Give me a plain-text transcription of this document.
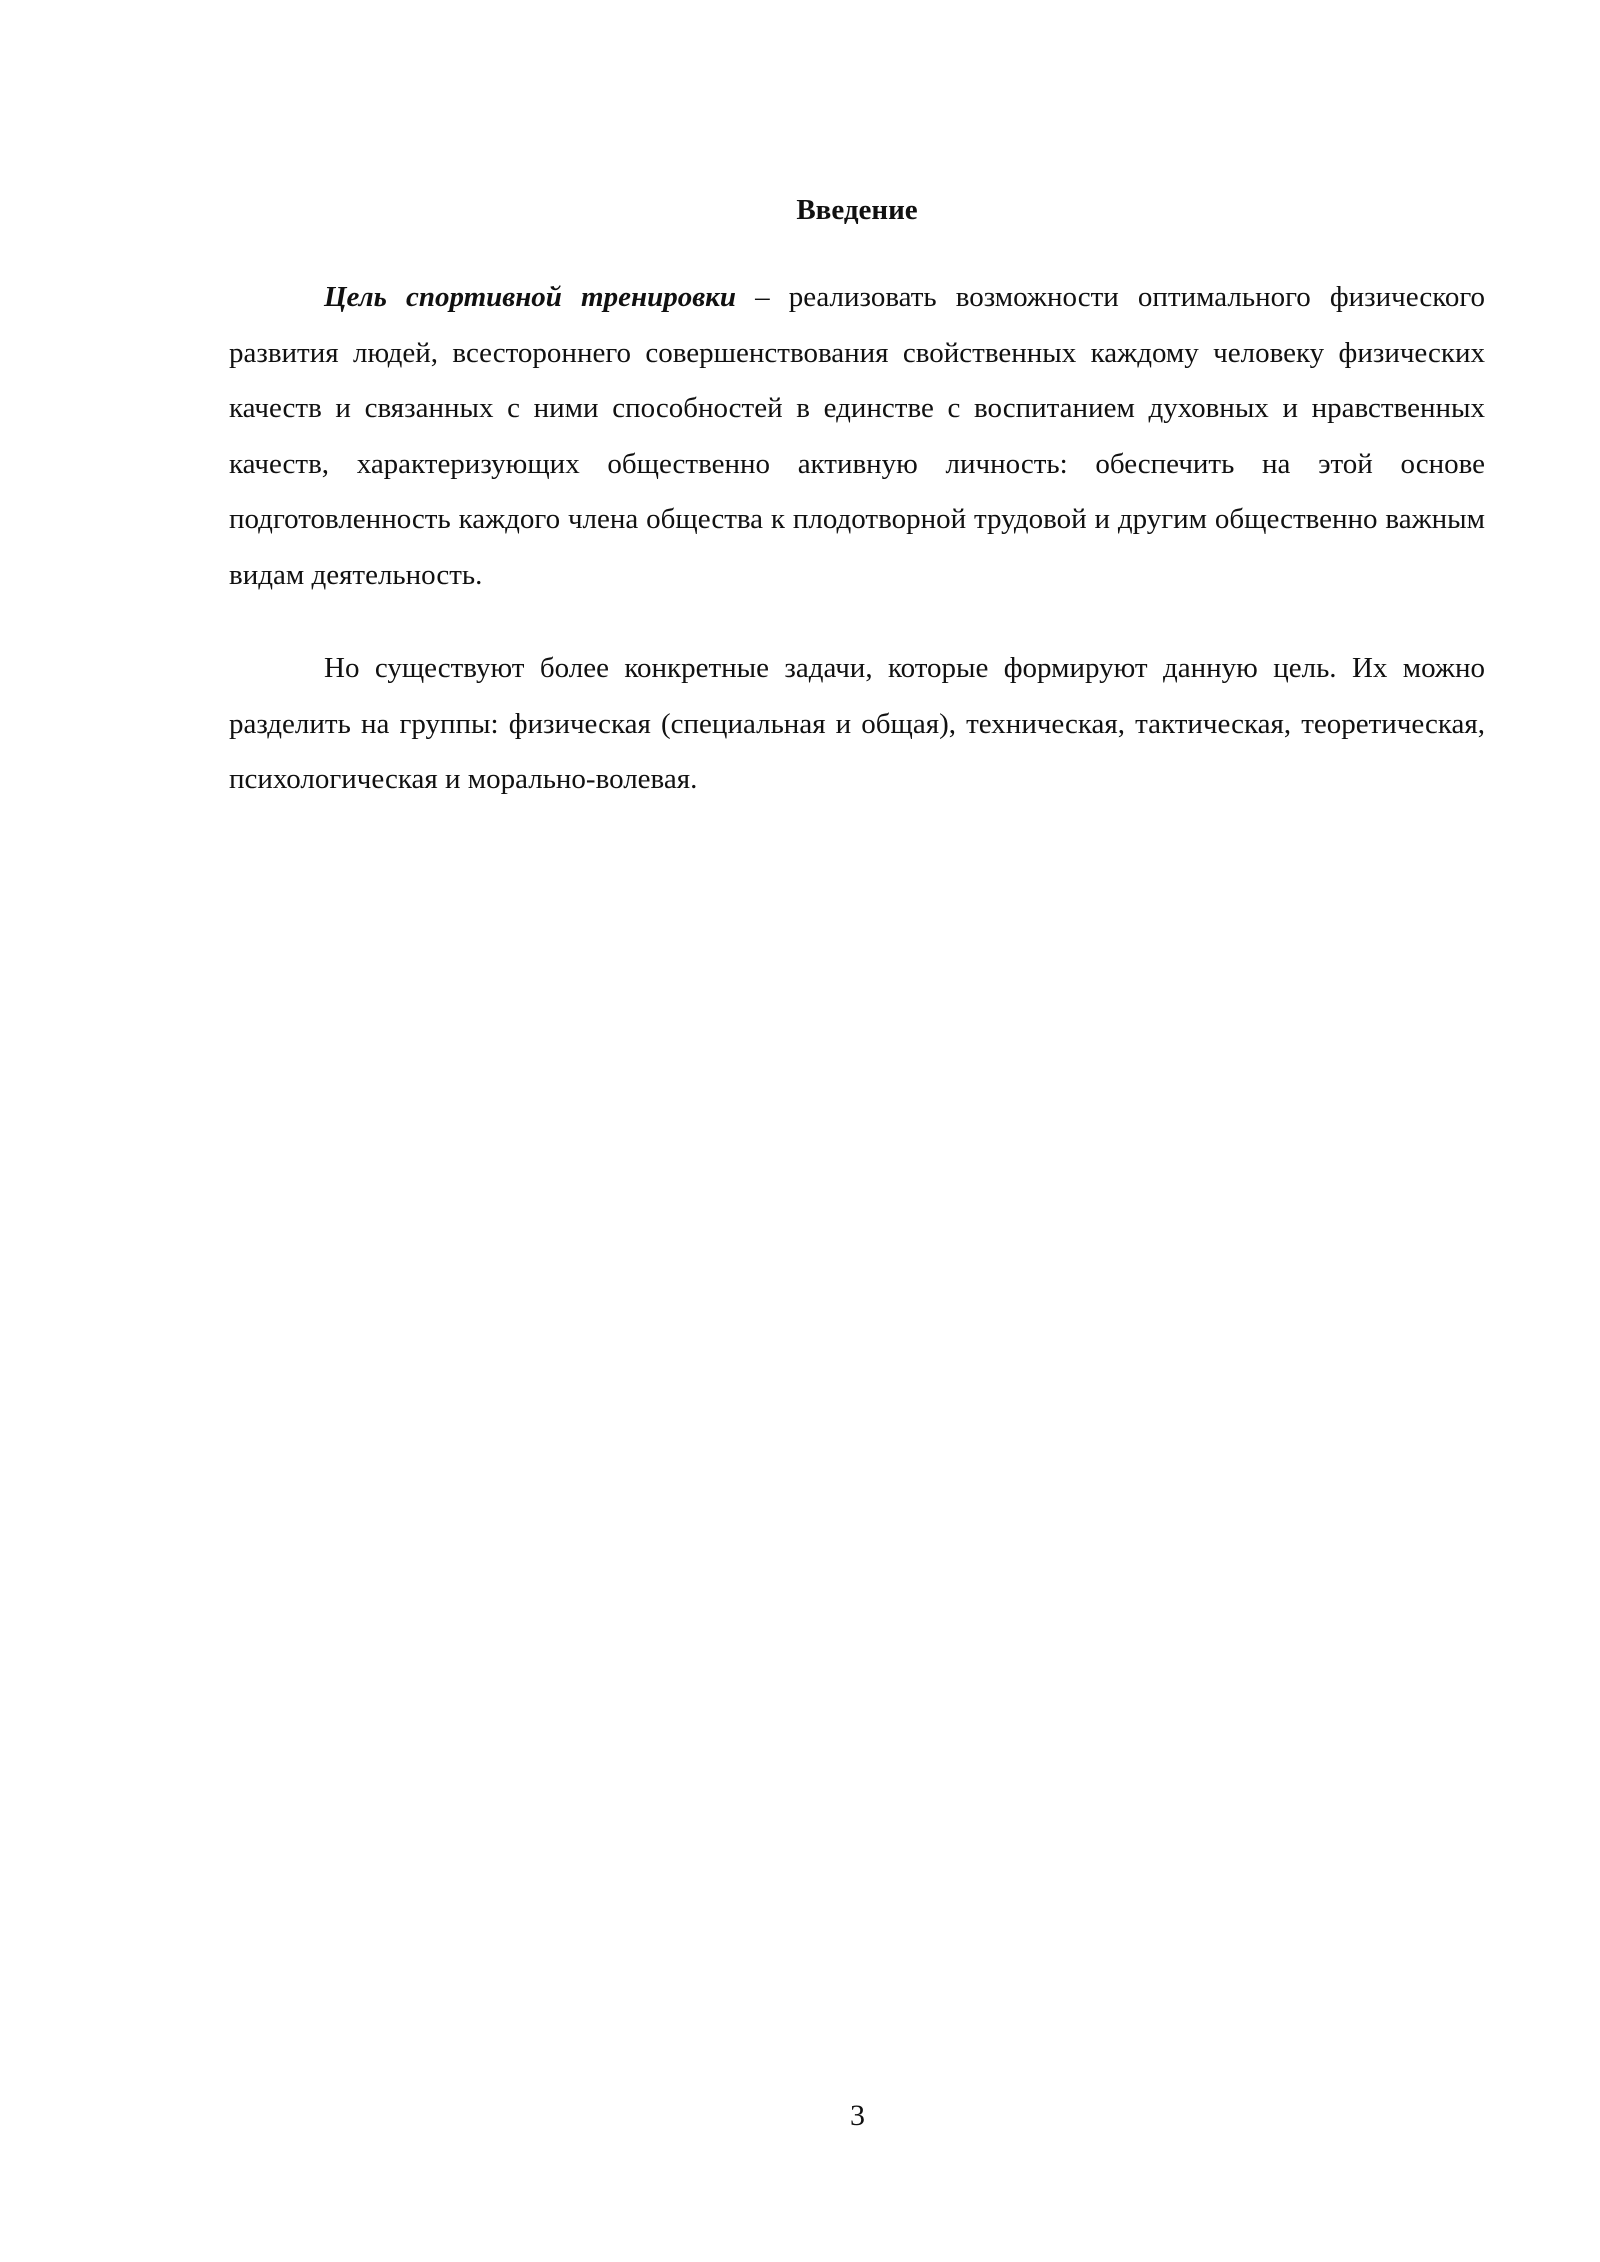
Введение

Цель спортивной тренировки – реализовать возможности оптимального физического развития людей, всестороннего совершенствования свойственных каждому человеку физических качеств и связанных с ними способностей в единстве с воспитанием духовных и нравственных качеств, характеризующих общественно активную личность: обеспечить на этой основе подготовленность каждого члена общества к плодотворной трудовой и другим общественно важным видам деятельность.

Но существуют более конкретные задачи, которые формируют данную цель. Их можно разделить на группы: физическая (специальная и общая), техническая, тактическая, теоретическая, психологическая и морально-волевая.

3
